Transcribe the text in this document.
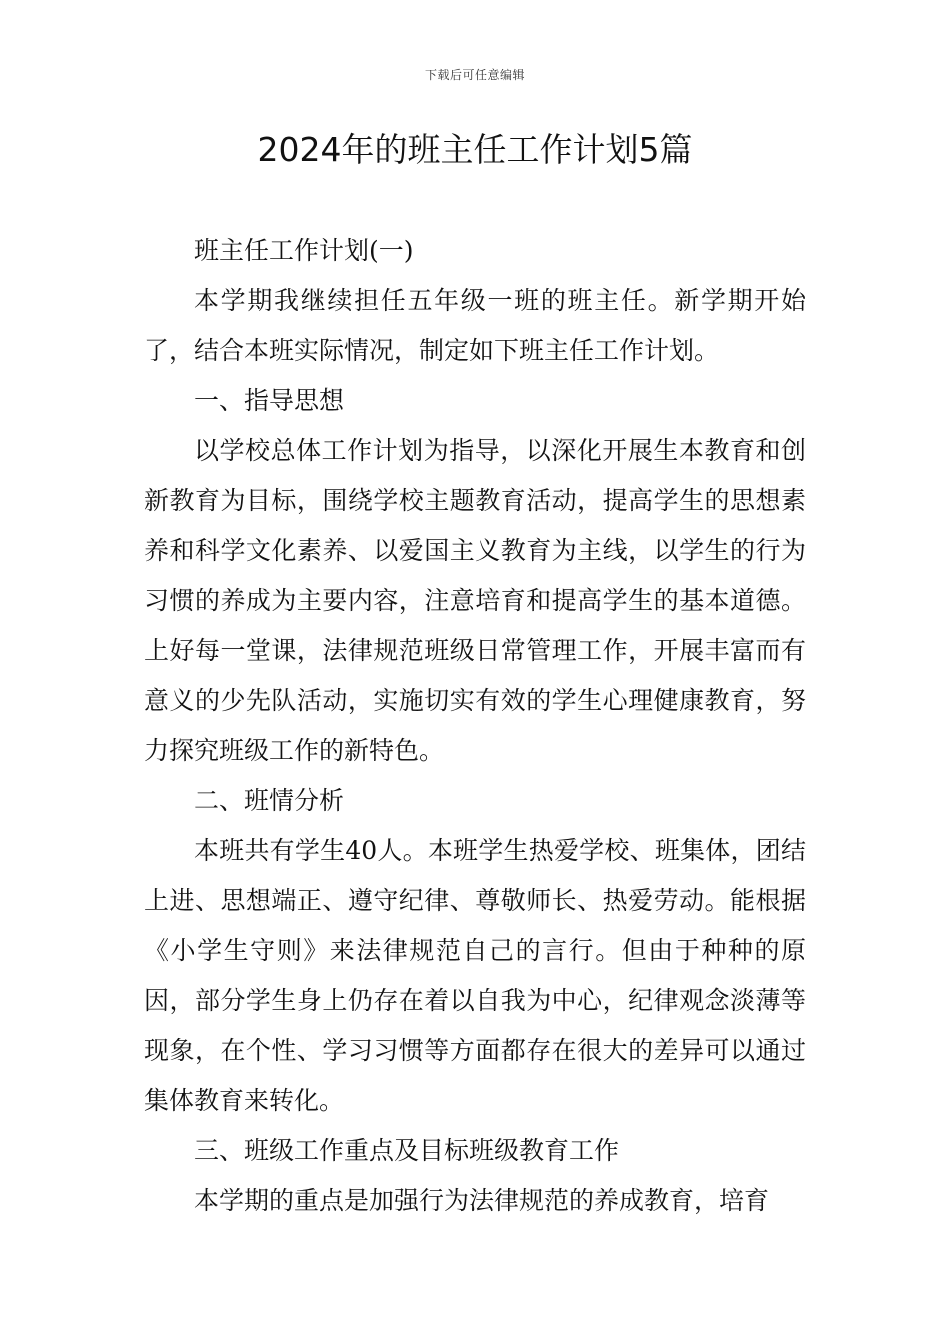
下载后可任意编辑
2024年的班主任工作计划5篇

班主任工作计划(一)

本学期我继续担任五年级一班的班主任。新学期开始了，结合本班实际情况，制定如下班主任工作计划。

一、指导思想

以学校总体工作计划为指导，以深化开展生本教育和创新教育为目标，围绕学校主题教育活动，提高学生的思想素养和科学文化素养、以爱国主义教育为主线，以学生的行为习惯的养成为主要内容，注意培育和提高学生的基本道德。上好每一堂课，法律规范班级日常管理工作，开展丰富而有意义的少先队活动，实施切实有效的学生心理健康教育，努力探究班级工作的新特色。

二、班情分析

本班共有学生40人。本班学生热爱学校、班集体，团结上进、思想端正、遵守纪律、尊敬师长、热爱劳动。能根据《小学生守则》来法律规范自己的言行。但由于种种的原因，部分学生身上仍存在着以自我为中心，纪律观念淡薄等现象，在个性、学习习惯等方面都存在很大的差异可以通过集体教育来转化。

三、班级工作重点及目标班级教育工作

本学期的重点是加强行为法律规范的养成教育，培育
